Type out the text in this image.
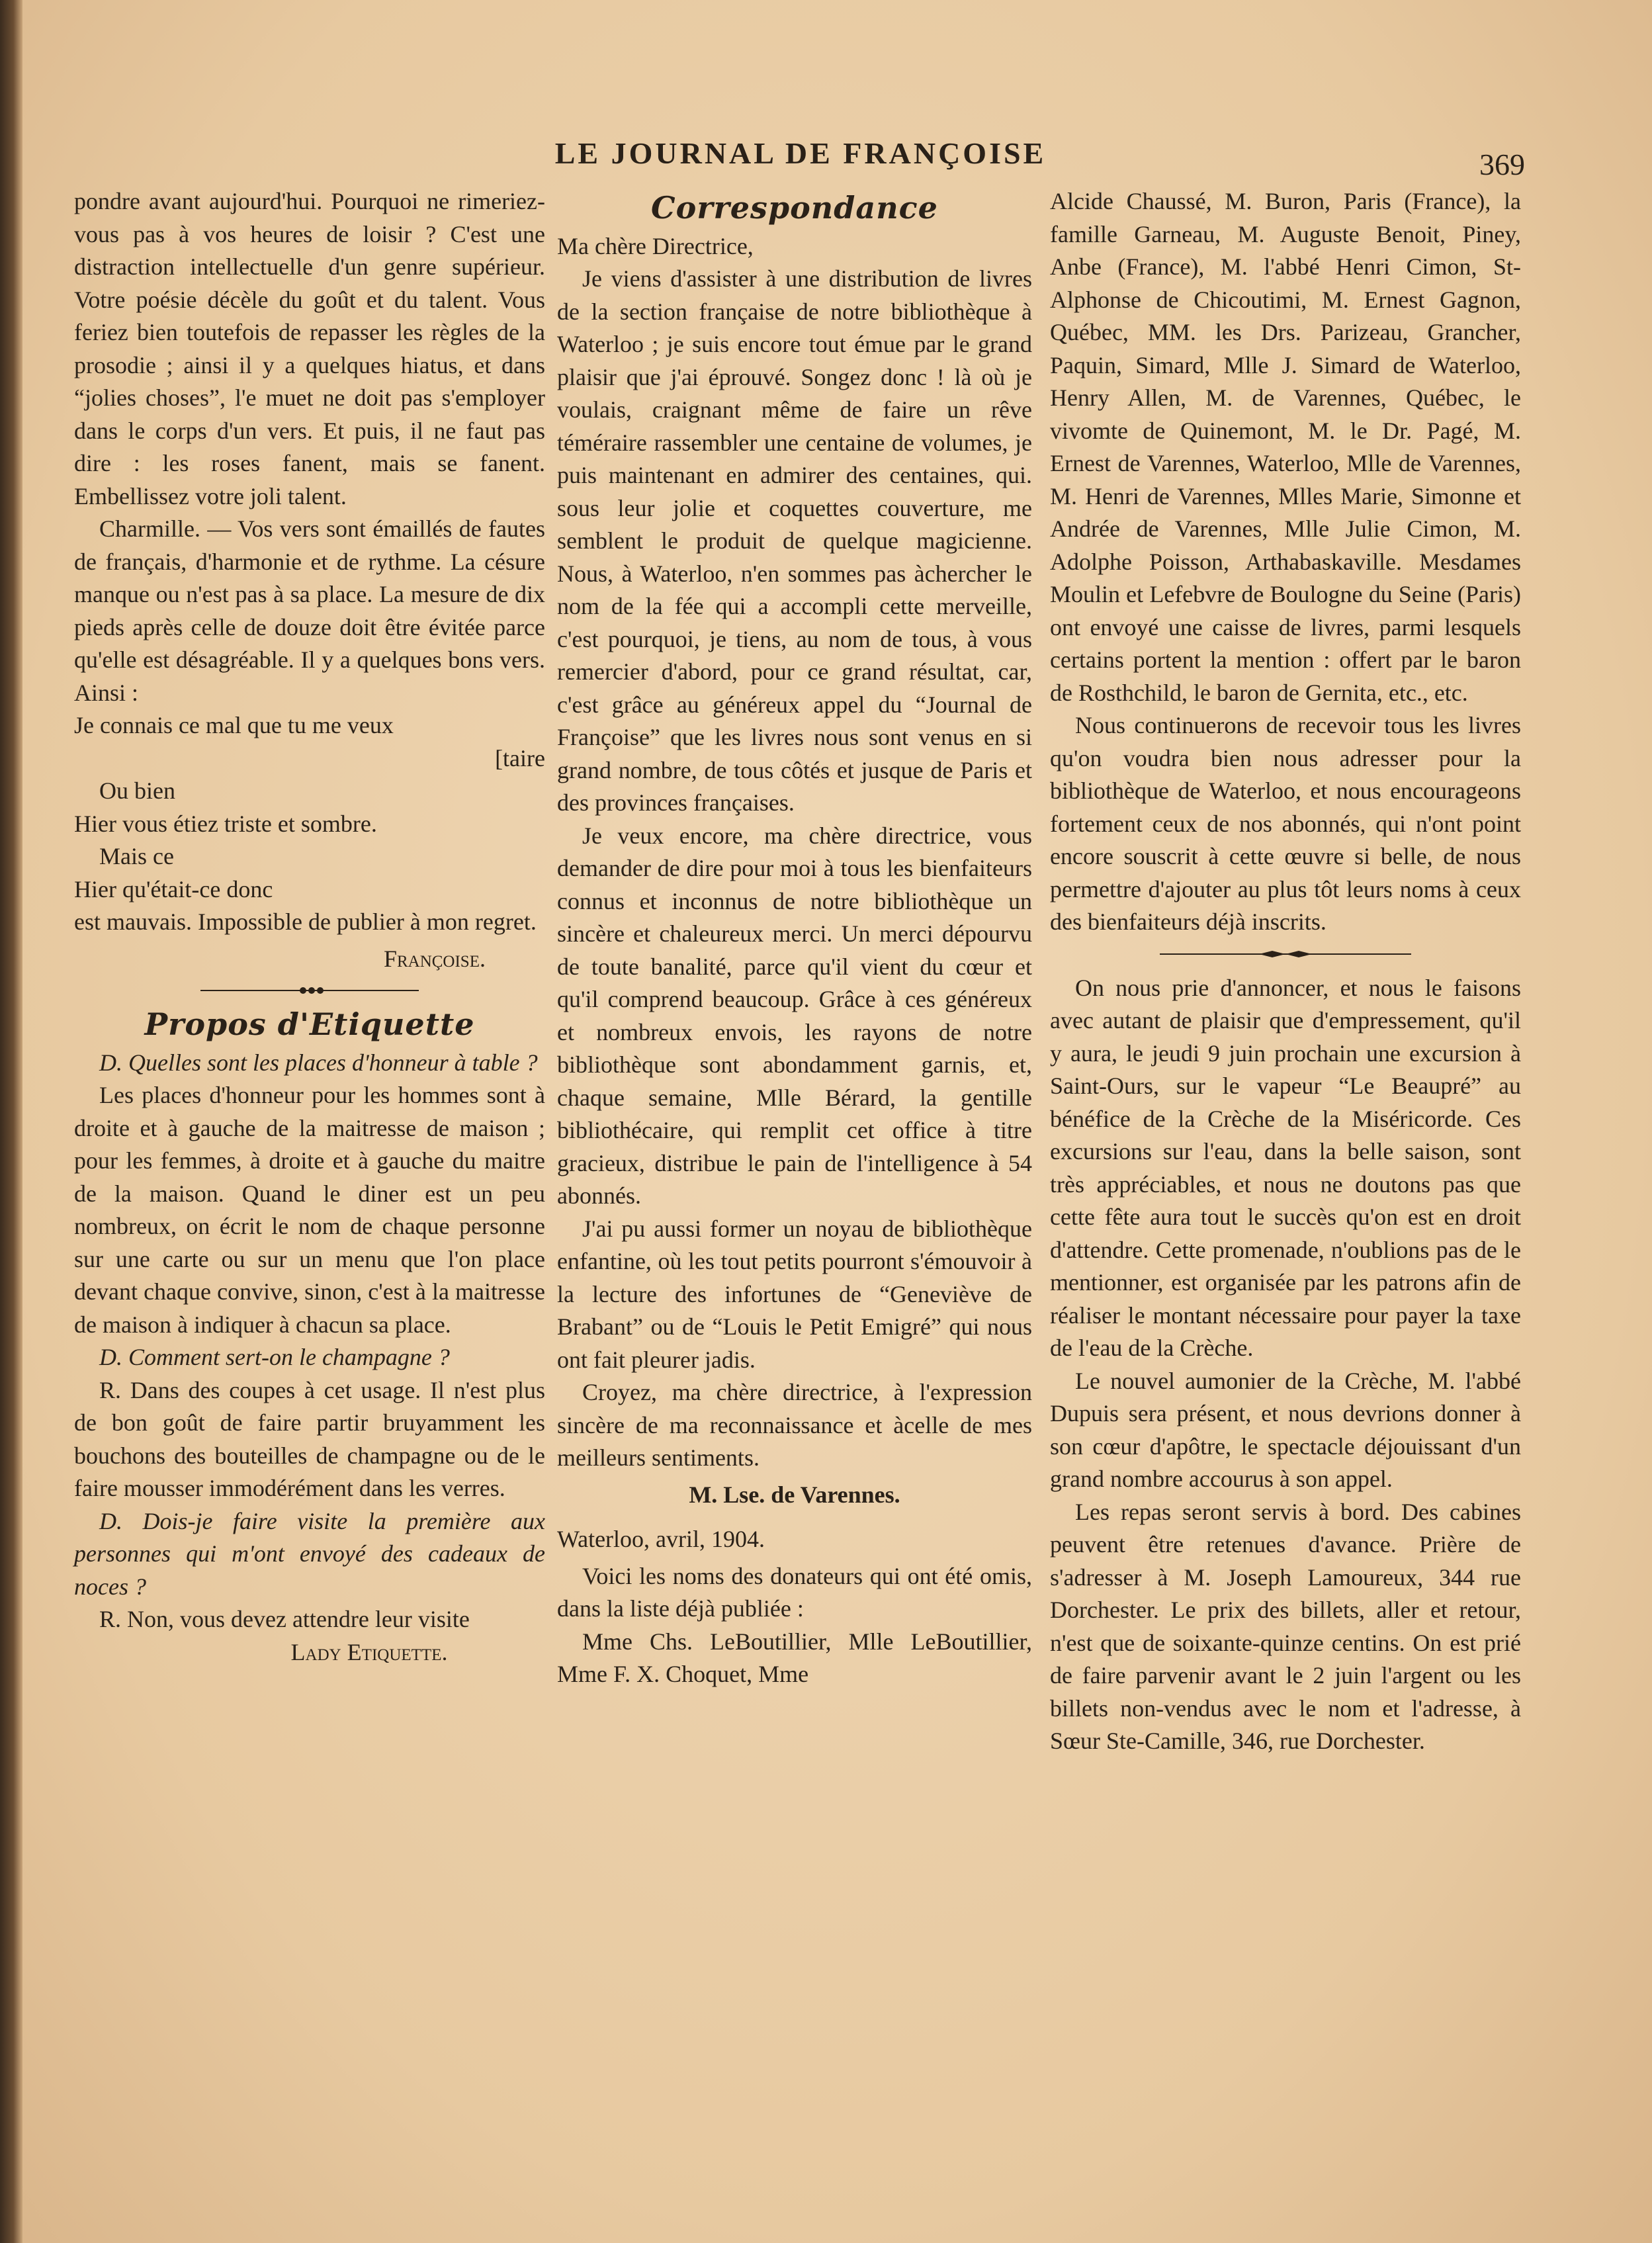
LE JOURNAL DE FRANÇOISE	369

pondre avant aujourd'hui. Pourquoi ne rimeriez-vous pas à vos heures de loisir ? C'est une distraction intellectuelle d'un genre supérieur. Votre poésie décèle du goût et du talent. Vous feriez bien toutefois de repasser les règles de la prosodie ; ainsi il y a quelques hiatus, et dans “jolies choses”, l'e muet ne doit pas s'employer dans le corps d'un vers. Et puis, il ne faut pas dire : les roses fanent, mais se fanent. Embellissez votre joli talent.

Charmille. — Vos vers sont émaillés de fautes de français, d'harmonie et de rythme. La césure manque ou n'est pas à sa place. La mesure de dix pieds après celle de douze doit être évitée parce qu'elle est désagréable. Il y a quelques bons vers. Ainsi :

Je connais ce mal que tu me veux

[taire

Ou bien

Hier vous étiez triste et sombre.

Mais ce

Hier qu'était-ce donc

est mauvais. Impossible de publier à mon regret.

Françoise.

Propos d'Etiquette

D. Quelles sont les places d'honneur à table ?

Les places d'honneur pour les hommes sont à droite et à gauche de la maitresse de maison ; pour les femmes, à droite et à gauche du maitre de la maison. Quand le diner est un peu nombreux, on écrit le nom de chaque personne sur une carte ou sur un menu que l'on place devant chaque convive, sinon, c'est à la maitresse de maison à indiquer à chacun sa place.

D. Comment sert-on le champagne ?

R. Dans des coupes à cet usage. Il n'est plus de bon goût de faire partir bruyamment les bouchons des bouteilles de champagne ou de le faire mousser immodérément dans les verres.

D. Dois-je faire visite la première aux personnes qui m'ont envoyé des cadeaux de noces ?

R. Non, vous devez attendre leur visite

Lady Etiquette.

Correspondance

Ma chère Directrice,

Je viens d'assister à une distribution de livres de la section française de notre bibliothèque à Waterloo ; je suis encore tout émue par le grand plaisir que j'ai éprouvé. Songez donc ! là où je voulais, craignant même de faire un rêve téméraire rassembler une centaine de volumes, je puis maintenant en admirer des centaines, qui. sous leur jolie et coquettes couverture, me semblent le produit de quelque magicienne. Nous, à Waterloo, n'en sommes pas àchercher le nom de la fée qui a accompli cette merveille, c'est pourquoi, je tiens, au nom de tous, à vous remercier d'abord, pour ce grand résultat, car, c'est grâce au généreux appel du “Journal de Françoise” que les livres nous sont venus en si grand nombre, de tous côtés et jusque de Paris et des provinces françaises.

Je veux encore, ma chère directrice, vous demander de dire pour moi à tous les bienfaiteurs connus et inconnus de notre bibliothèque un sincère et chaleureux merci. Un merci dépourvu de toute banalité, parce qu'il vient du cœur et qu'il comprend beaucoup. Grâce à ces généreux et nombreux envois, les rayons de notre bibliothèque sont abondamment garnis, et, chaque semaine, Mlle Bérard, la gentille bibliothécaire, qui remplit cet office à titre gracieux, distribue le pain de l'intelligence à 54 abonnés.

J'ai pu aussi former un noyau de bibliothèque enfantine, où les tout petits pourront s'émouvoir à la lecture des infortunes de “Geneviève de Brabant” ou de “Louis le Petit Emigré” qui nous ont fait pleurer jadis.

Croyez, ma chère directrice, à l'expression sincère de ma reconnaissance et àcelle de mes meilleurs sentiments.

M. Lse. de Varennes.

Waterloo, avril, 1904.

Voici les noms des donateurs qui ont été omis, dans la liste déjà publiée :

Mme Chs. LeBoutillier, Mlle LeBoutillier, Mme F. X. Choquet, Mme

Alcide Chaussé, M. Buron, Paris (France), la famille Garneau, M. Auguste Benoit, Piney, Anbe (France), M. l'abbé Henri Cimon, St-Alphonse de Chicoutimi, M. Ernest Gagnon, Québec, MM. les Drs. Parizeau, Grancher, Paquin, Simard, Mlle J. Simard de Waterloo, Henry Allen, M. de Varennes, Québec, le vivomte de Quinemont, M. le Dr. Pagé, M. Ernest de Varennes, Waterloo, Mlle de Varennes, M. Henri de Varennes, Mlles Marie, Simonne et Andrée de Varennes, Mlle Julie Cimon, M. Adolphe Poisson, Arthabaskaville. Mesdames Moulin et Lefebvre de Boulogne du Seine (Paris) ont envoyé une caisse de livres, parmi lesquels certains portent la mention : offert par le baron de Rosthchild, le baron de Gernita, etc., etc.

Nous continuerons de recevoir tous les livres qu'on voudra bien nous adresser pour la bibliothèque de Waterloo, et nous encourageons fortement ceux de nos abonnés, qui n'ont point encore souscrit à cette œuvre si belle, de nous permettre d'ajouter au plus tôt leurs noms à ceux des bienfaiteurs déjà inscrits.

On nous prie d'annoncer, et nous le faisons avec autant de plaisir que d'empressement, qu'il y aura, le jeudi 9 juin prochain une excursion à Saint-Ours, sur le vapeur “Le Beaupré” au bénéfice de la Crèche de la Miséricorde. Ces excursions sur l'eau, dans la belle saison, sont très appréciables, et nous ne doutons pas que cette fête aura tout le succès qu'on est en droit d'attendre. Cette promenade, n'oublions pas de le mentionner, est organisée par les patrons afin de réaliser le montant nécessaire pour payer la taxe de l'eau de la Crèche.

Le nouvel aumonier de la Crèche, M. l'abbé Dupuis sera présent, et nous devrions donner à son cœur d'apôtre, le spectacle déjouissant d'un grand nombre accourus à son appel.

Les repas seront servis à bord. Des cabines peuvent être retenues d'avance. Prière de s'adresser à M. Joseph Lamoureux, 344 rue Dorchester. Le prix des billets, aller et retour, n'est que de soixante-quinze centins. On est prié de faire parvenir avant le 2 juin l'argent ou les billets non-vendus avec le nom et l'adresse, à Sœur Ste-Camille, 346, rue Dorchester.
